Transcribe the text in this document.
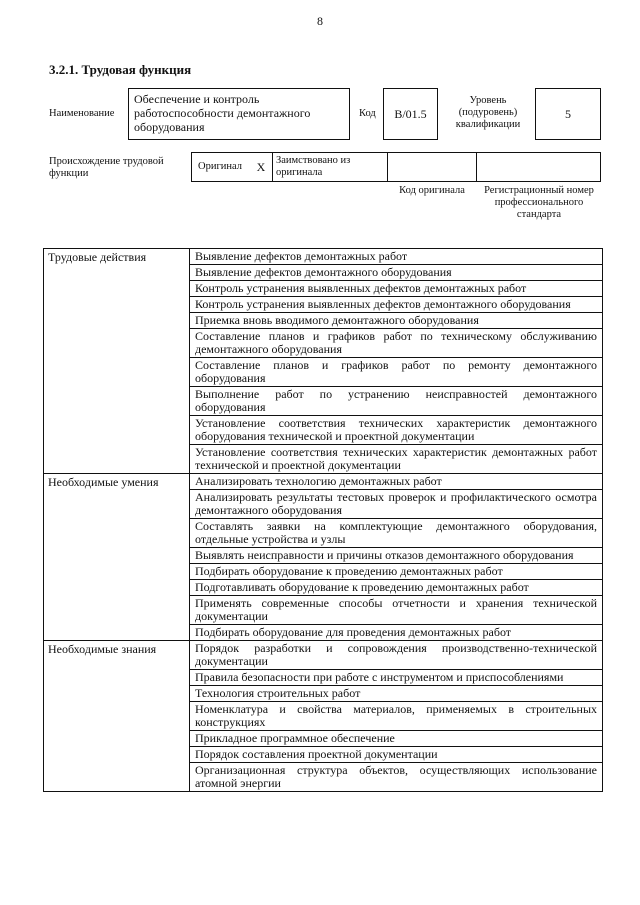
8
3.2.1. Трудовая функция
Наименование
Обеспечение и контроль работоспособности демонтажного оборудования
Код B/01.5
Уровень (подуровень) квалификации
5
Происхождение трудовой функции
Оригинал	X	Заимствовано из оригинала
Код оригинала	Регистрационный номер профессионального стандарта
Трудовые действия	Выявление дефектов демонтажных работ
	Выявление дефектов демонтажного оборудования
	Контроль устранения выявленных дефектов демонтажных работ
	Контроль устранения выявленных дефектов демонтажного оборудования
	Приемка вновь вводимого демонтажного оборудования
	Составление планов и графиков работ по техническому обслуживанию демонтажного оборудования
	Составление планов и графиков работ по ремонту демонтажного оборудования
	Выполнение работ по устранению неисправностей демонтажного оборудования
	Установление соответствия технических характеристик демонтажного оборудования технической и проектной документации
	Установление соответствия технических характеристик демонтажных работ технической и проектной документации
Необходимые умения	Анализировать технологию демонтажных работ
	Анализировать результаты тестовых проверок и профилактического осмотра демонтажного оборудования
	Составлять заявки на комплектующие демонтажного оборудования, отдельные устройства и узлы
	Выявлять неисправности и причины отказов демонтажного оборудования
	Подбирать оборудование к проведению демонтажных работ
	Подготавливать оборудование к проведению демонтажных работ
	Применять современные способы отчетности и хранения технической документации
	Подбирать оборудование для проведения демонтажных работ
Необходимые знания	Порядок разработки и сопровождения производственно-технической документации
	Правила безопасности при работе с инструментом и приспособлениями
	Технология строительных работ
	Номенклатура и свойства материалов, применяемых в строительных конструкциях
	Прикладное программное обеспечение
	Порядок составления проектной документации
	Организационная структура объектов, осуществляющих использование атомной энергии
